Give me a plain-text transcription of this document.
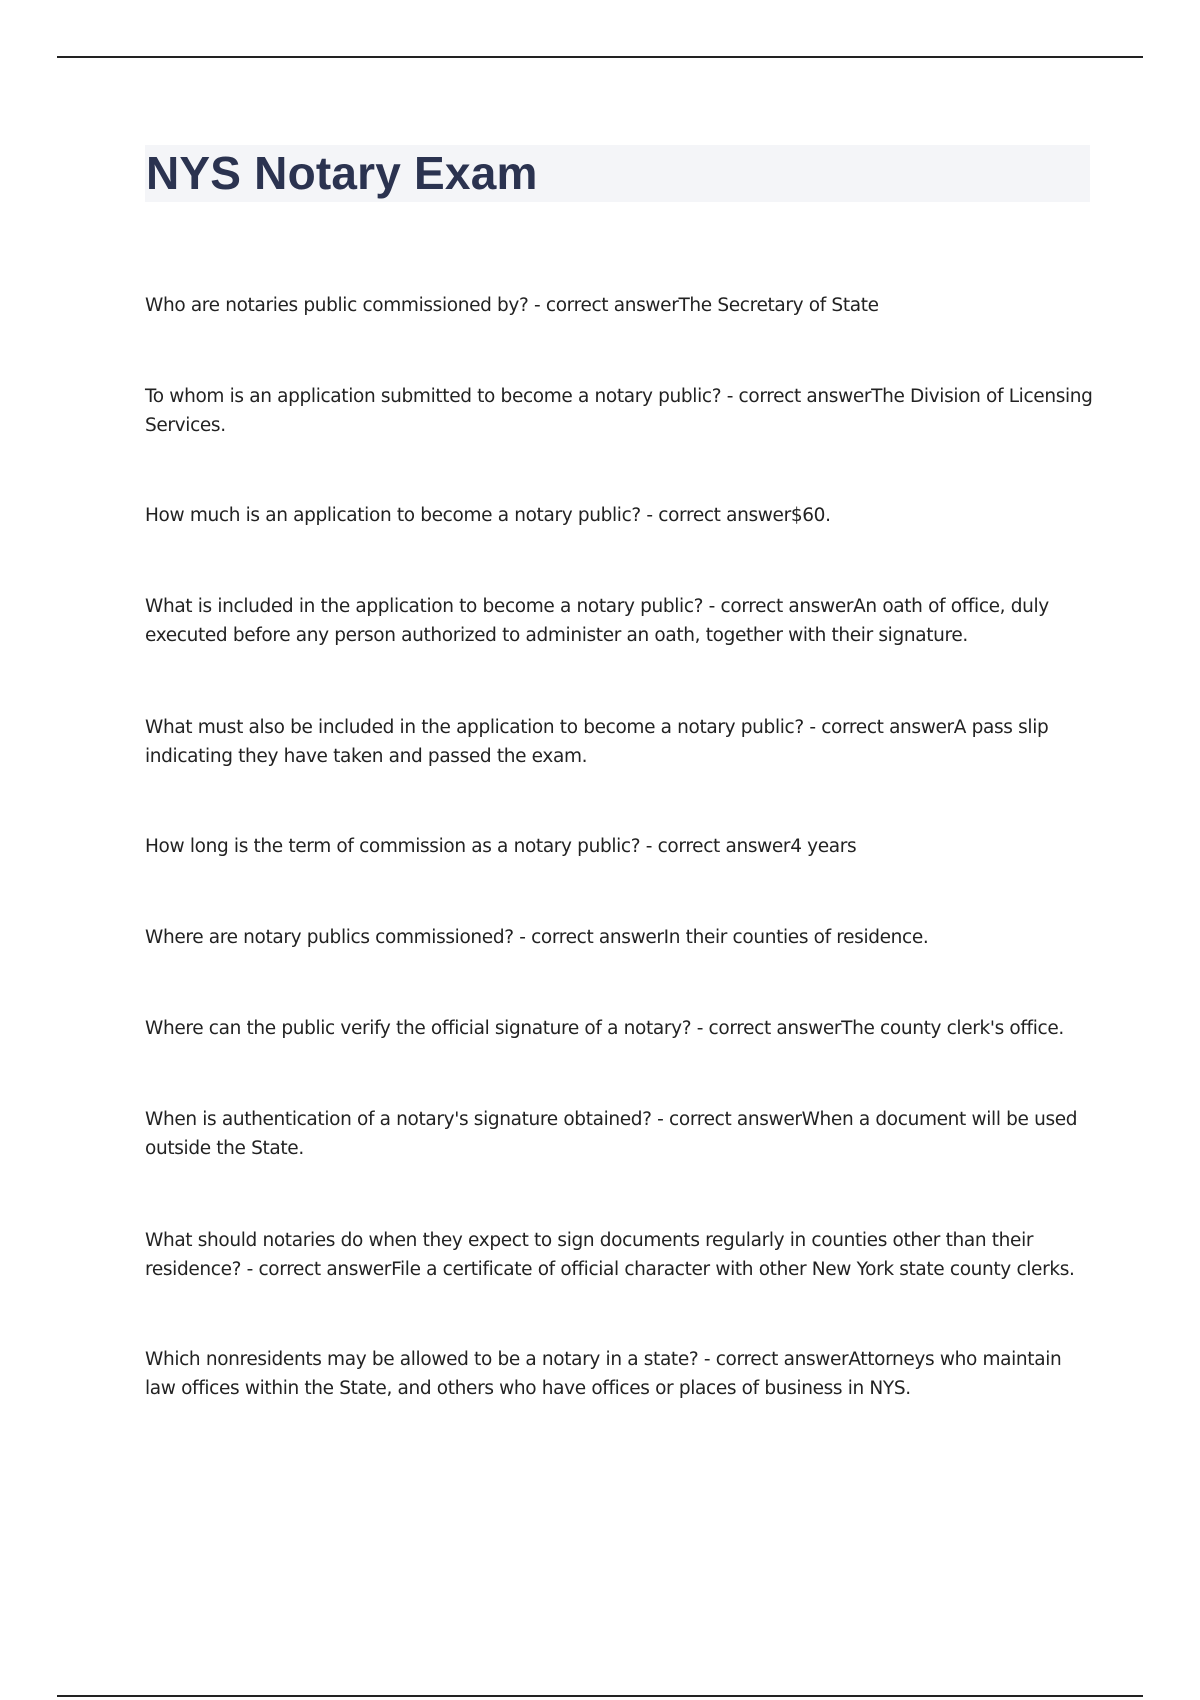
NYS Notary Exam
Who are notaries public commissioned by? - correct answerThe Secretary of State
To whom is an application submitted to become a notary public? - correct answerThe Division of Licensing Services.
How much is an application to become a notary public? - correct answer$60.
What is included in the application to become a notary public? - correct answerAn oath of office, duly executed before any person authorized to administer an oath, together with their signature.
What must also be included in the application to become a notary public? - correct answerA pass slip indicating they have taken and passed the exam.
How long is the term of commission as a notary public? - correct answer4 years
Where are notary publics commissioned? - correct answerIn their counties of residence.
Where can the public verify the official signature of a notary? - correct answerThe county clerk's office.
When is authentication of a notary's signature obtained? - correct answerWhen a document will be used outside the State.
What should notaries do when they expect to sign documents regularly in counties other than their residence? - correct answerFile a certificate of official character with other New York state county clerks.
Which nonresidents may be allowed to be a notary in a state? - correct answerAttorneys who maintain law offices within the State, and others who have offices or places of business in NYS.
